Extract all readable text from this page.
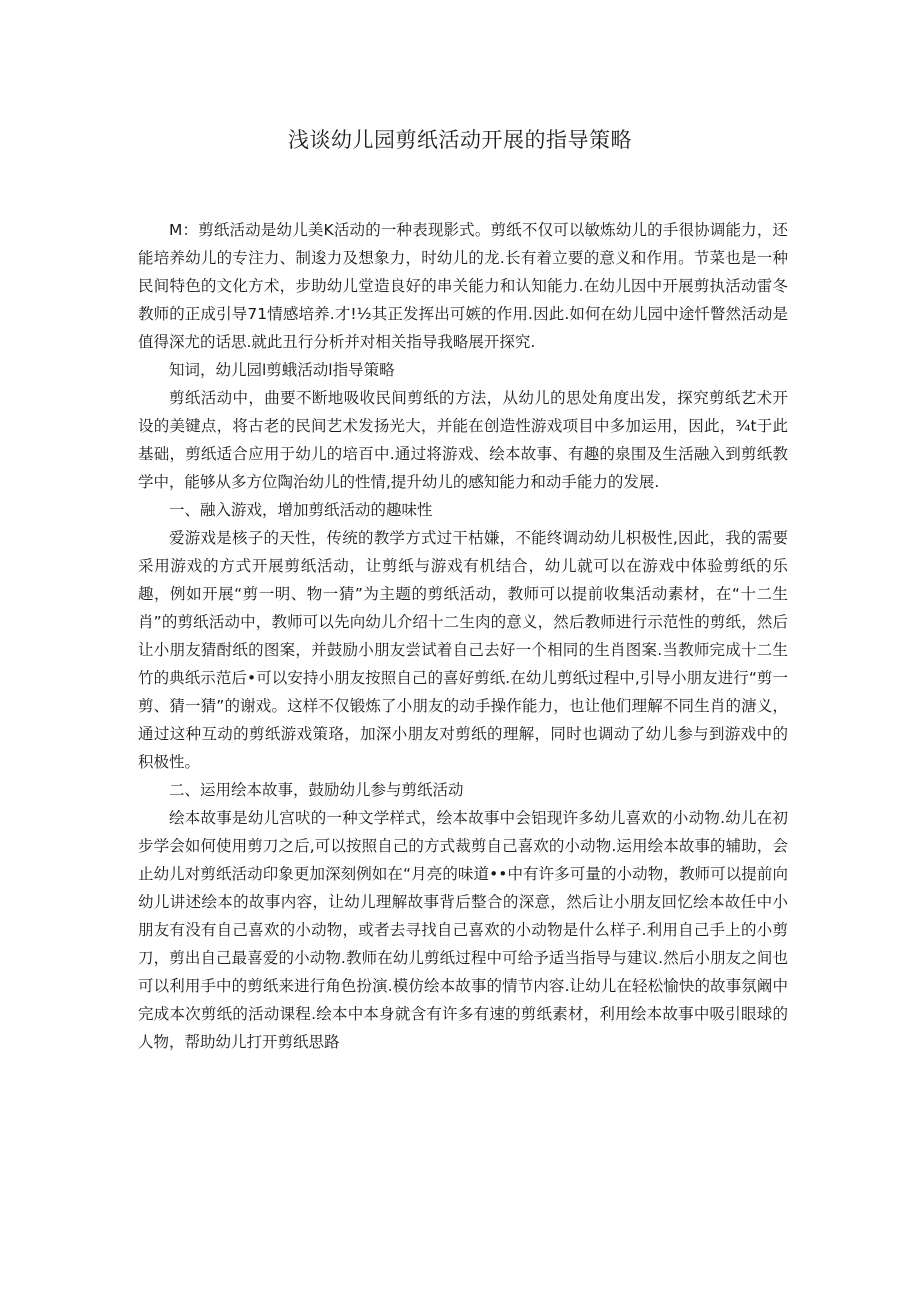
浅谈幼儿园剪纸活动开展的指导策略

M：剪纸活动是幼儿美K活动的一种表现影式。剪纸不仅可以敏炼幼儿的手很协调能力，还能培养幼儿的专注力、制逡力及想象力，时幼儿的龙.长有着立要的意义和作用。节菜也是一种民间特色的文化方术，步助幼儿堂造良好的串关能力和认知能力.在幼儿因中开展剪执活动雷冬教师的正成引导71情感培养.才!½其正发挥出可嫉的作用.因此.如何在幼儿园中途忏瞥然活动是值得深尤的话思.就此丑行分析并对相关指导我略展开探究.

知词，幼儿园l剪蛾活动l指导策略

剪纸活动中，曲要不断地吸收民间剪纸的方法，从幼儿的思处角度出发，探究剪纸艺术开设的美键点，将古老的民间艺术发扬光大，并能在创造性游戏项目中多加运用，因此，¾t于此基础，剪纸适合应用于幼儿的培百中.通过将游戏、绘本故事、有趣的泉围及生活融入到剪纸教学中，能够从多方位陶治幼儿的性情,提升幼儿的感知能力和动手能力的发展.

一、融入游戏，增加剪纸活动的趣味性

爱游戏是核子的天性，传统的教学方式过干枯嫌，不能终调动幼儿枳极性,因此，我的需要采用游戏的方式开展剪纸活动，让剪纸与游戏有机结合，幼儿就可以在游戏中体验剪纸的乐趣，例如开展“剪一明、物一猜”为主题的剪纸活动，教师可以提前收集活动素材，在“十二生肖”的剪纸活动中，教师可以先向幼儿介绍十二生肉的意义，然后教师进行示范性的剪纸，然后让小朋友猜酎纸的图案，并鼓励小朋友尝试着自己去好一个相同的生肖图案.当教师完成十二生竹的典纸示范后•可以安持小朋友按照自己的喜好剪纸.在幼儿剪纸过程中,引导小朋友进行“剪一剪、猜一猜”的谢戏。这样不仅锻炼了小朋友的动手操作能力，也让他们理解不同生肖的溏义，通过这种互动的剪纸游戏策珞，加深小朋友对剪纸的理解，同时也调动了幼儿参与到游戏中的积极性。

二、运用绘本故事，鼓励幼儿参与剪纸活动

绘本故事是幼儿宫吠的一种文学样式，绘本故事中会铝现许多幼儿喜欢的小动物.幼儿在初步学会如何使用剪刀之后,可以按照自己的方式裁剪自己喜欢的小动物.运用绘本故事的辅助，会止幼儿对剪纸活动印象更加深刻例如在“月亮的味道••中有许多可量的小动物，教师可以提前向幼儿讲述绘本的故事内容，让幼儿理解故事背后整合的深意，然后让小朋友回忆绘本故任中小朋友有没有自己喜欢的小动物，或者去寻找自己喜欢的小动物是什么样子.利用自己手上的小剪刀，剪出自己最喜爱的小动物.教师在幼儿剪纸过程中可给予适当指导与建议.然后小朋友之间也可以利用手中的剪纸来进行角色扮演.模仿绘本故事的情节内容.让幼儿在轻松愉快的故事氛阚中完成本次剪纸的活动课程.绘本中本身就含有许多有速的剪纸素材，利用绘本故事中吸引眼球的人物，帮助幼儿打开剪纸思路
